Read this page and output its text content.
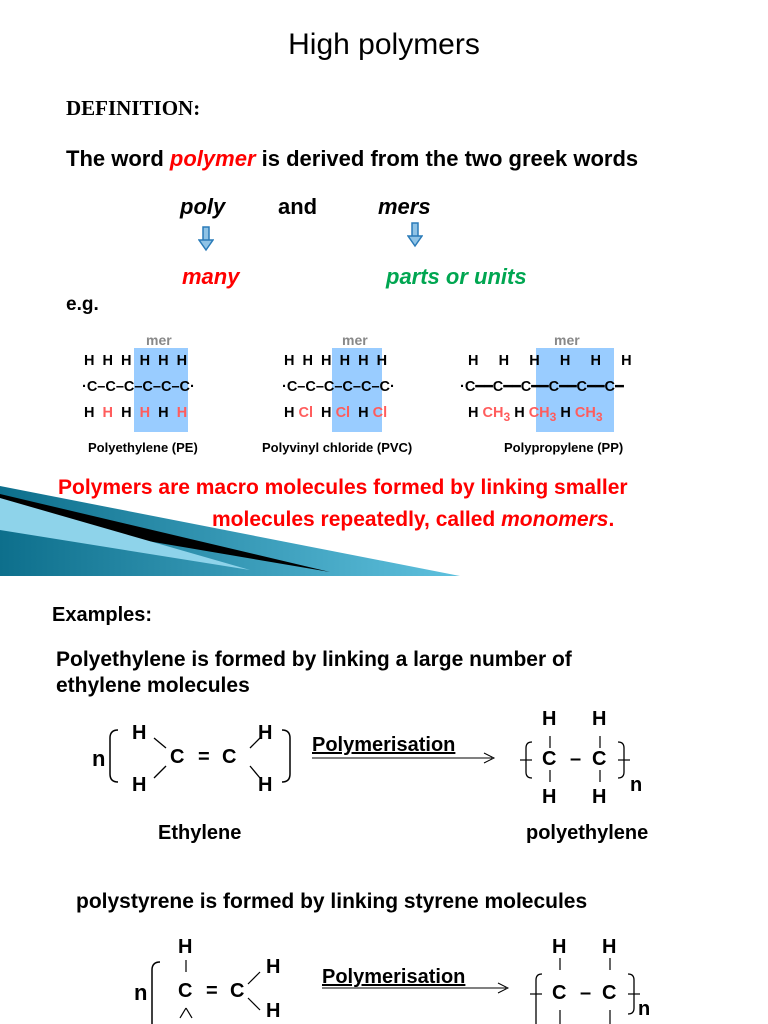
High polymers
DEFINITION:
The word polymer is derived from the two greek words
poly and	mers
many	parts or units
e.g.
mer
H  H  H  H  H  H
·C–C–C–C–C–C·
H  H  H  H  H  H
Polyethylene (PE)
mer
H  H  H  H  H  H
·C–C–C–C–C–C·
H Cl  H Cl  H Cl
Polyvinyl chloride (PVC)
mer
H     H     H     H     H     H
·C━━C━━C━━C━━C━━C━
H $CH_3$ H $CH_3$ H $CH_3$
Polypropylene (PP)
Polymers are macro molecules formed by linking smaller
molecules repeatedly, called monomers.
Examples:
Polyethylene is formed by linking a large number of
ethylene molecules
n
H
H
C = C
H
H
Polymerisation
H H
C – C
H H
n
Ethylene	polyethylene
polystyrene is formed by linking styrene molecules
H
n C = C
H
H
Polymerisation
H H
C – C
n
